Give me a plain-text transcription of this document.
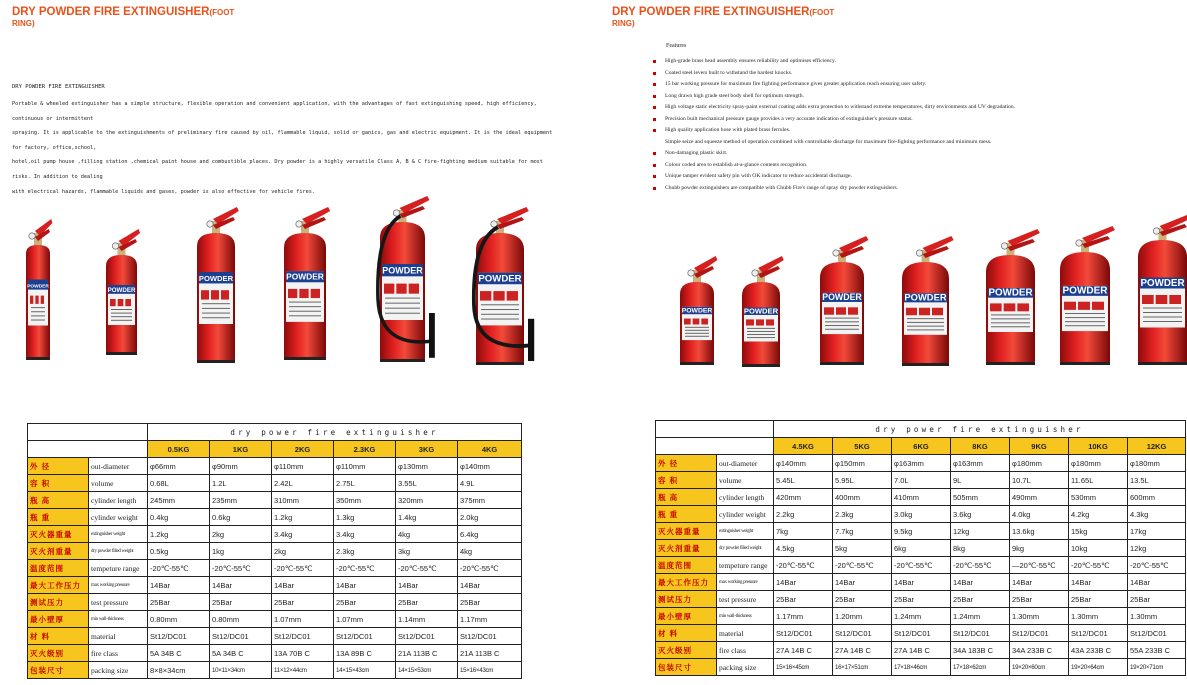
DRY POWDER FIRE EXTINGUISHER(FOOT
RING)
DRY POWDER FIRE EXTINGUISHER
Portable & wheeled extinguisher has a simple structure, flexible operation and convenient application, with the advantages of fast extinguishing speed, high efficiency, continuous or intermittent
spraying. It is applicable to the extinguishments of preliminary fire caused by oil, flammable liquid, solid or ganics, gas and electric equipment. It is the ideal equipment for factory, office,school,
hotel,oil pump house ,filling station ,chemical paint house and combustible places. Dry powder is a highly versatile Class A, B & C fire-fighting medium suitable for most risks. In addition to dealing
with electrical hazards, flammable liquids and gases, powder is also effective for vehicle fires.
		dry power fire extinguisher					
		0.5KG	1KG	2KG	2.3KG	3KG	4KG
外 径	out-diameter	φ66mm	φ90mm	φ110mm	φ110mm	φ130mm	φ140mm
容 积	volume	0.68L	1.2L	2.42L	2.75L	3.55L	4.9L
瓶 高	cylinder length	245mm	235mm	310mm	350mm	320mm	375mm
瓶 重	cylinder weight	0.4kg	0.6kg	1.2kg	1.3kg	1.4kg	2.0kg
灭火器重量	extinguisher weight	1.2kg	2kg	3.4kg	3.4kg	4kg	6.4kg
灭火剂重量	dry powder filled weight	0.5kg	1kg	2kg	2.3kg	3kg	4kg
温度范围	tempeture range	-20℃-55℃	-20℃-55℃	-20℃-55℃	-20℃-55℃	-20℃-55℃	-20℃-55℃
最大工作压力	max working pressure	14Bar	14Bar	14Bar	14Bar	14Bar	14Bar
测试压力	test pressure	25Bar	25Bar	25Bar	25Bar	25Bar	25Bar
最小壁厚	min wall-thickness	0.80mm	0.80mm	1.07mm	1.07mm	1.14mm	1.17mm
材 料	material	St12/DC01	St12/DC01	St12/DC01	St12/DC01	St12/DC01	St12/DC01
灭火级别	fire class	5A 34B C	5A 34B C	13A 70B C	13A 89B C	21A 113B C	21A 113B C
包装尺寸	packing size	8×8×34cm	10×11×34cm	11×12×44cm	14×15×43cm	14×15×53cm	15×16×43cm
POWDER	POWDER
POWDER	POWDER
POWDER
POWDER
DRY POWDER FIRE EXTINGUISHER(FOOT
RING)
Features
High-grade brass head assembly ensures reliability and optimises efficiency.
Coated steel levers built to withstand the hardest knocks.
15 bar working pressure for maximum fire fighting performance gives greater application reach ensuring user safety.
Long drawn high grade steel body shell for optimum strength.
High voltage static electricity spray-paint external coating adds extra protection to withstand extreme temperatures, dirty environments and UV degradation.
Precision built mechanical pressure gauge provides a very accurate indication of extinguisher's pressure status.
High quality application hose with plated brass ferrules.
Simple seize and squeeze method of operation combined with controllable discharge for maximum fire-fighting performance and minimum mess.
Non-damaging plastic skirt.
Colour coded area to establish at-a-glance contents recognition.
Unique tamper evident safety pin with OK indicator to reduce accidental discharge.
Chubb powder extinguishers are compatible with Chubb Fire's range of spray dry powder extinguishers.
		dry power fire extinguisher						
		4.5KG	5KG	6KG	8KG	9KG	10KG	12KG
外 径	out-diameter	φ140mm	φ150mm	φ163mm	φ163mm	φ180mm	φ180mm	φ180mm
容 积	volume	5.45L	5.95L	7.0L	9L	10.7L	11.65L	13.5L
瓶 高	cylinder length	420mm	400mm	410mm	505mm	490mm	530mm	600mm
瓶 重	cylinder weight	2.2kg	2.3kg	3.0kg	3.6kg	4.0kg	4.2kg	4.3kg
灭火器重量	extinguisher weight	7kg	7.7kg	9.5kg	12kg	13.6kg	15kg	17kg
灭火剂重量	dry powder filled weight	4.5kg	5kg	6kg	8kg	9kg	10kg	12kg
温度范围	tempeture range	-20℃-55℃	-20℃-55℃	-20℃-55℃	-20℃-55℃	—20℃-55℃	-20℃-55℃	-20℃-55℃
最大工作压力	max working pressure	14Bar	14Bar	14Bar	14Bar	14Bar	14Bar	14Bar
测试压力	test pressure	25Bar	25Bar	25Bar	25Bar	25Bar	25Bar	25Bar
最小壁厚	min wall-thickness	1.17mm	1.20mm	1.24mm	1.24mm	1.30mm	1.30mm	1.30mm
材 料	material	St12/DC01	St12/DC01	St12/DC01	St12/DC01	St12/DC01	St12/DC01	St12/DC01
灭火级别	fire class	27A 14B C	27A 14B C	27A 14B C	34A 183B C	34A 233B C	43A 233B C	55A 233B C
包装尺寸	packing size	15×16×45cm	16×17×51cm	17×18×46cm	17×18×62cm	19×20×60cm	19×20×64cm	19×20×71cm
POWDER	POWDER
POWDER	POWDER	POWDER	POWDER
POWDER
